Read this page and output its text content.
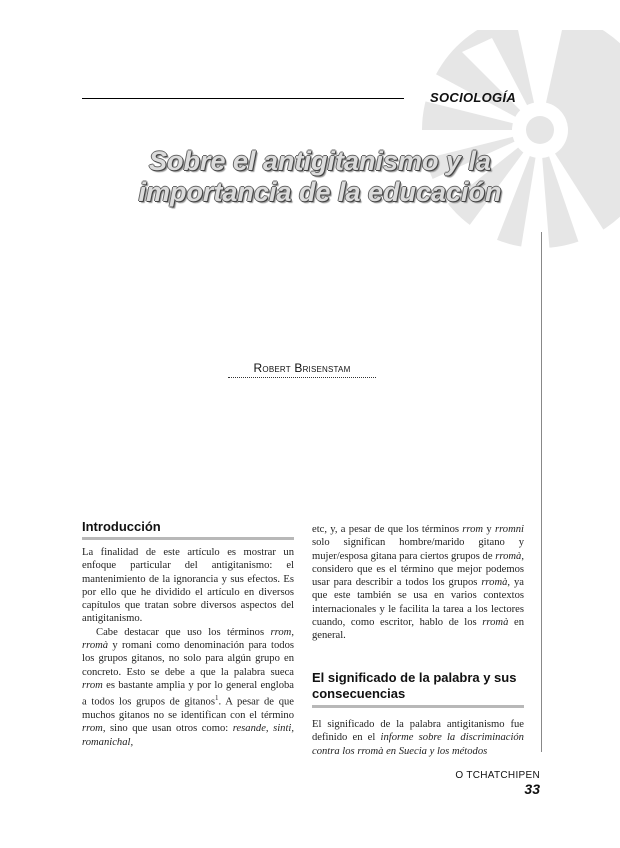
SOCIOLOGÍA
Sobre el antigitanismo y la
importancia de la educación
Robert Brisenstam
Introducción

La finalidad de este artículo es mostrar un enfoque particular del antigitanismo: el mantenimiento de la ignorancia y sus efectos. Es por ello que he dividido el artículo en diversos capítulos que tratan sobre diversos aspectos del antigitanismo.

Cabe destacar que uso los términos rrom, rromà y romani como denominación para todos los grupos gitanos, no solo para algún grupo en concreto. Esto se debe a que la palabra sueca rrom es bastante amplia y por lo general engloba a todos los grupos de gitanos$^1$. A pesar de que muchos gitanos no se identifican con el término rrom, sino que usan otros como: resande, sinti, romanichal,

etc, y, a pesar de que los términos rrom y rromni solo significan hombre/marido gitano y mujer/esposa gitana para ciertos grupos de rromà, considero que es el término que mejor podemos usar para describir a todos los grupos rromà, ya que este también se usa en varios contextos internacionales y le facilita la tarea a los lectores cuando, como escritor, hablo de los rromà en general.

El significado de la palabra y sus consecuencias

El significado de la palabra antigitanismo fue definido en el informe sobre la discriminación contra los rromà en Suecia y los métodos

O TCHATCHIPEN
33
